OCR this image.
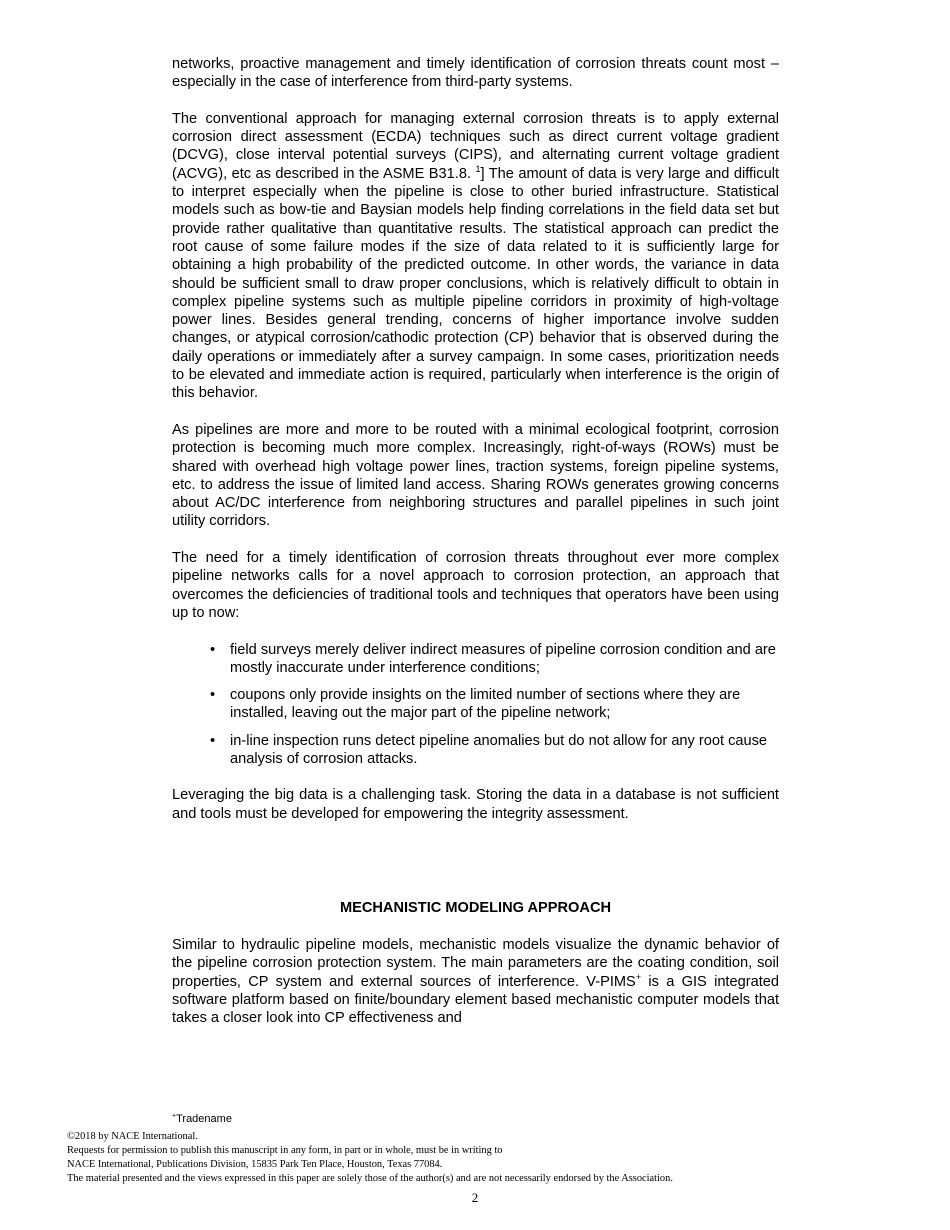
networks, proactive management and timely identification of corrosion threats count most – especially in the case of interference from third-party systems.

The conventional approach for managing external corrosion threats is to apply external corrosion direct assessment (ECDA) techniques such as direct current voltage gradient (DCVG), close interval potential surveys (CIPS), and alternating current voltage gradient (ACVG), etc as described in the ASME B31.8. $^1$] The amount of data is very large and difficult to interpret especially when the pipeline is close to other buried infrastructure. Statistical models such as bow-tie and Baysian models help finding correlations in the field data set but provide rather qualitative than quantitative results. The statistical approach can predict the root cause of some failure modes if the size of data related to it is sufficiently large for obtaining a high probability of the predicted outcome. In other words, the variance in data should be sufficient small to draw proper conclusions, which is relatively difficult to obtain in complex pipeline systems such as multiple pipeline corridors in proximity of high-voltage power lines. Besides general trending, concerns of higher importance involve sudden changes, or atypical corrosion/cathodic protection (CP) behavior that is observed during the daily operations or immediately after a survey campaign. In some cases, prioritization needs to be elevated and immediate action is required, particularly when interference is the origin of this behavior.

As pipelines are more and more to be routed with a minimal ecological footprint, corrosion protection is becoming much more complex. Increasingly, right-of-ways (ROWs) must be shared with overhead high voltage power lines, traction systems, foreign pipeline systems, etc. to address the issue of limited land access. Sharing ROWs generates growing concerns about AC/DC interference from neighboring structures and parallel pipelines in such joint utility corridors.

The need for a timely identification of corrosion threats throughout ever more complex pipeline networks calls for a novel approach to corrosion protection, an approach that overcomes the deficiencies of traditional tools and techniques that operators have been using up to now:

•	field surveys merely deliver indirect measures of pipeline corrosion condition and are mostly inaccurate under interference conditions;
•	coupons only provide insights on the limited number of sections where they are installed, leaving out the major part of the pipeline network;
•	in-line inspection runs detect pipeline anomalies but do not allow for any root cause analysis of corrosion attacks.

Leveraging the big data is a challenging task. Storing the data in a database is not sufficient and tools must be developed for empowering the integrity assessment.

MECHANISTIC MODELING APPROACH

Similar to hydraulic pipeline models, mechanistic models visualize the dynamic behavior of the pipeline corrosion protection system. The main parameters are the coating condition, soil properties, CP system and external sources of interference. V-PIMS+ is a GIS integrated software platform based on finite/boundary element based mechanistic computer models that takes a closer look into CP effectiveness and

+Tradename
©2018 by NACE International.
Requests for permission to publish this manuscript in any form, in part or in whole, must be in writing to
NACE International, Publications Division, 15835 Park Ten Place, Houston, Texas 77084.
The material presented and the views expressed in this paper are solely those of the author(s) and are not necessarily endorsed by the Association.
2
